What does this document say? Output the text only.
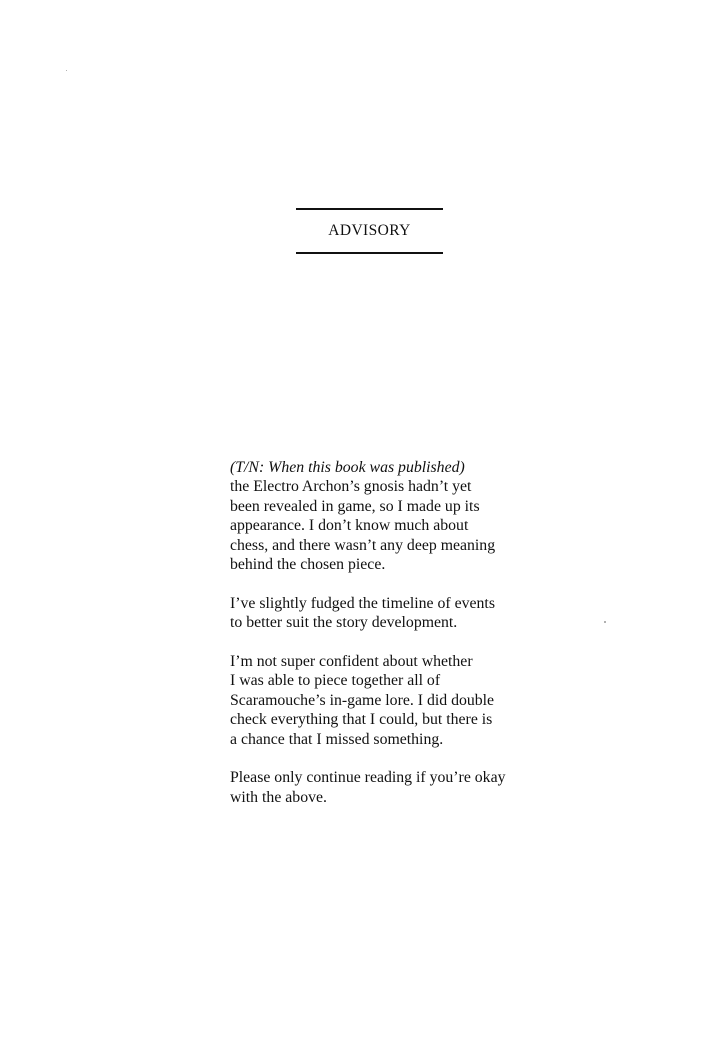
ADVISORY

(T/N: When this book was published)
the Electro Archon’s gnosis hadn’t yet
been revealed in game, so I made up its
appearance. I don’t know much about
chess, and there wasn’t any deep meaning
behind the chosen piece.

I’ve slightly fudged the timeline of events
to better suit the story development.

I’m not super confident about whether
I was able to piece together all of
Scaramouche’s in-game lore. I did double
check everything that I could, but there is
a chance that I missed something.

Please only continue reading if you’re okay
with the above.
